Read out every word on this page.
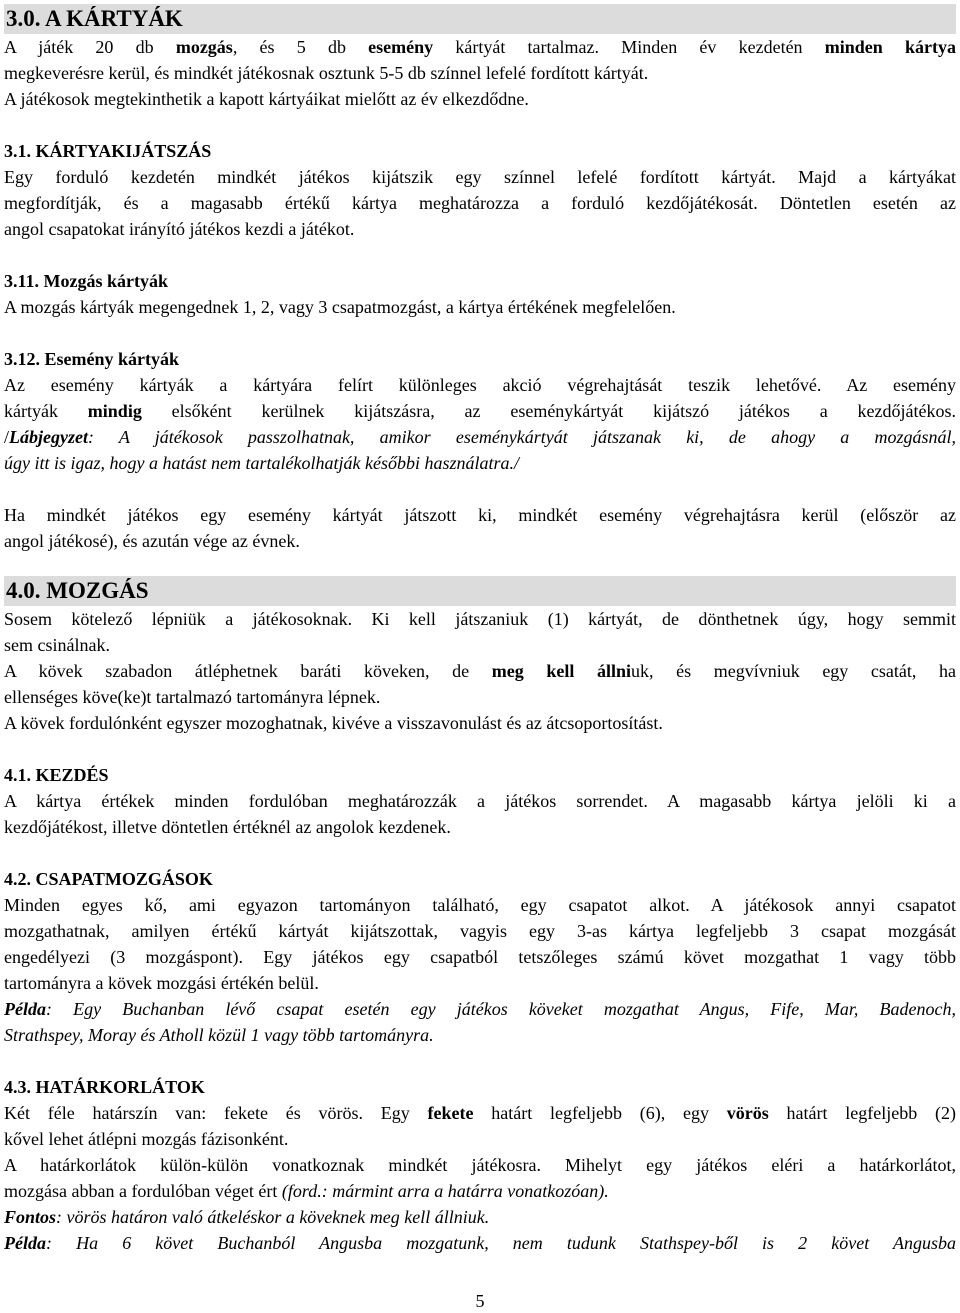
3.0. A KÁRTYÁK
A játék 20 db mozgás, és 5 db esemény kártyát tartalmaz. Minden év kezdetén minden kártya
megkeverésre kerül, és mindkét játékosnak osztunk 5-5 db színnel lefelé fordított kártyát.
A játékosok megtekinthetik a kapott kártyáikat mielőtt az év elkezdődne.
3.1. KÁRTYAKIJÁTSZÁS
Egy forduló kezdetén mindkét játékos kijátszik egy színnel lefelé fordított kártyát. Majd a kártyákat
megfordítják, és a magasabb értékű kártya meghatározza a forduló kezdőjátékosát. Döntetlen esetén az
angol csapatokat irányító játékos kezdi a játékot.
3.11. Mozgás kártyák
A mozgás kártyák megengednek 1, 2, vagy 3 csapatmozgást, a kártya értékének megfelelően.
3.12. Esemény kártyák
Az esemény kártyák a kártyára felírt különleges akció végrehajtását teszik lehetővé. Az esemény
kártyák mindig elsőként kerülnek kijátszásra, az eseménykártyát kijátszó játékos a kezdőjátékos.
/Lábjegyzet: A játékosok passzolhatnak, amikor eseménykártyát játszanak ki, de ahogy a mozgásnál,
úgy itt is igaz, hogy a hatást nem tartalékolhatják későbbi használatra./
Ha mindkét játékos egy esemény kártyát játszott ki, mindkét esemény végrehajtásra kerül (először az
angol játékosé), és azután vége az évnek.
4.0. MOZGÁS
Sosem kötelező lépniük a játékosoknak. Ki kell játszaniuk (1) kártyát, de dönthetnek úgy, hogy semmit
sem csinálnak.
A kövek szabadon átléphetnek baráti köveken, de meg kell állniuk, és megvívniuk egy csatát, ha
ellenséges köve(ke)t tartalmazó tartományra lépnek.
A kövek fordulónként egyszer mozoghatnak, kivéve a visszavonulást és az átcsoportosítást.
4.1. KEZDÉS
A kártya értékek minden fordulóban meghatározzák a játékos sorrendet. A magasabb kártya jelöli ki a
kezdőjátékost, illetve döntetlen értéknél az angolok kezdenek.
4.2. CSAPATMOZGÁSOK
Minden egyes kő, ami egyazon tartományon található, egy csapatot alkot. A játékosok annyi csapatot
mozgathatnak, amilyen értékű kártyát kijátszottak, vagyis egy 3-as kártya legfeljebb 3 csapat mozgását
engedélyezi (3 mozgáspont). Egy játékos egy csapatból tetszőleges számú követ mozgathat 1 vagy több
tartományra a kövek mozgási értékén belül.
Példa: Egy Buchanban lévő csapat esetén egy játékos köveket mozgathat Angus, Fife, Mar, Badenoch,
Strathspey, Moray és Atholl közül 1 vagy több tartományra.
4.3. HATÁRKORLÁTOK
Két féle határszín van: fekete és vörös. Egy fekete határt legfeljebb (6), egy vörös határt legfeljebb (2)
kővel lehet átlépni mozgás fázisonként.
A határkorlátok külön-külön vonatkoznak mindkét játékosra. Mihelyt egy játékos eléri a határkorlátot,
mozgása abban a fordulóban véget ért (ford.: mármint arra a határra vonatkozóan).
Fontos: vörös határon való átkeléskor a köveknek meg kell állniuk.
Példa: Ha 6 követ Buchanból Angusba mozgatunk, nem tudunk Stathspey-ből is 2 követ Angusba
5
